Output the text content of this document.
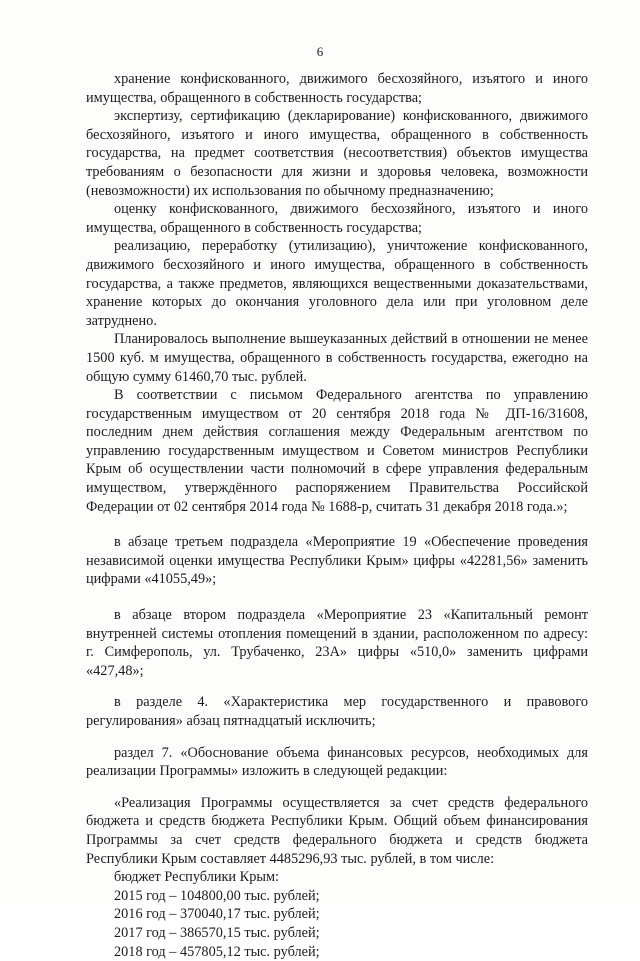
6

хранение конфискованного, движимого бесхозяйного, изъятого и иного имущества, обращенного в собственность государства;

экспертизу, сертификацию (декларирование) конфискованного, движимого бесхозяйного, изъятого и иного имущества, обращенного в собственность государства, на предмет соответствия (несоответствия) объектов имущества требованиям о безопасности для жизни и здоровья человека, возможности (невозможности) их использования по обычному предназначению;

оценку конфискованного, движимого бесхозяйного, изъятого и иного имущества, обращенного в собственность государства;

реализацию, переработку (утилизацию), уничтожение конфискованного, движимого бесхозяйного и иного имущества, обращенного в собственность государства, а также предметов, являющихся вещественными доказательствами, хранение которых до окончания уголовного дела или при уголовном деле затруднено.

Планировалось выполнение вышеуказанных действий в отношении не менее 1500 куб. м имущества, обращенного в собственность государства, ежегодно на общую сумму 61460,70 тыс. рублей.

В соответствии с письмом Федерального агентства по управлению государственным имуществом от 20 сентября 2018 года № ДП-16/31608, последним днем действия соглашения между Федеральным агентством по управлению государственным имуществом и Советом министров Республики Крым об осуществлении части полномочий в сфере управления федеральным имуществом, утверждённого распоряжением Правительства Российской Федерации от 02 сентября 2014 года № 1688-р, считать 31 декабря 2018 года.»;

в абзаце третьем подраздела «Мероприятие 19 «Обеспечение проведения независимой оценки имущества Республики Крым» цифры «42281,56» заменить цифрами «41055,49»;

в абзаце втором подраздела «Мероприятие 23 «Капитальный ремонт внутренней системы отопления помещений в здании, расположенном по адресу: г. Симферополь, ул. Трубаченко, 23А» цифры «510,0» заменить цифрами «427,48»;

в разделе 4. «Характеристика мер государственного и правового регулирования» абзац пятнадцатый исключить;

раздел 7. «Обоснование объема финансовых ресурсов, необходимых для реализации Программы» изложить в следующей редакции:

«Реализация Программы осуществляется за счет средств федерального бюджета и средств бюджета Республики Крым. Общий объем финансирования Программы за счет средств федерального бюджета и средств бюджета Республики Крым составляет 4485296,93 тыс. рублей, в том числе:

бюджет Республики Крым:

2015 год – 104800,00 тыс. рублей;

2016 год – 370040,17 тыс. рублей;

2017 год – 386570,15 тыс. рублей;

2018 год – 457805,12 тыс. рублей;
